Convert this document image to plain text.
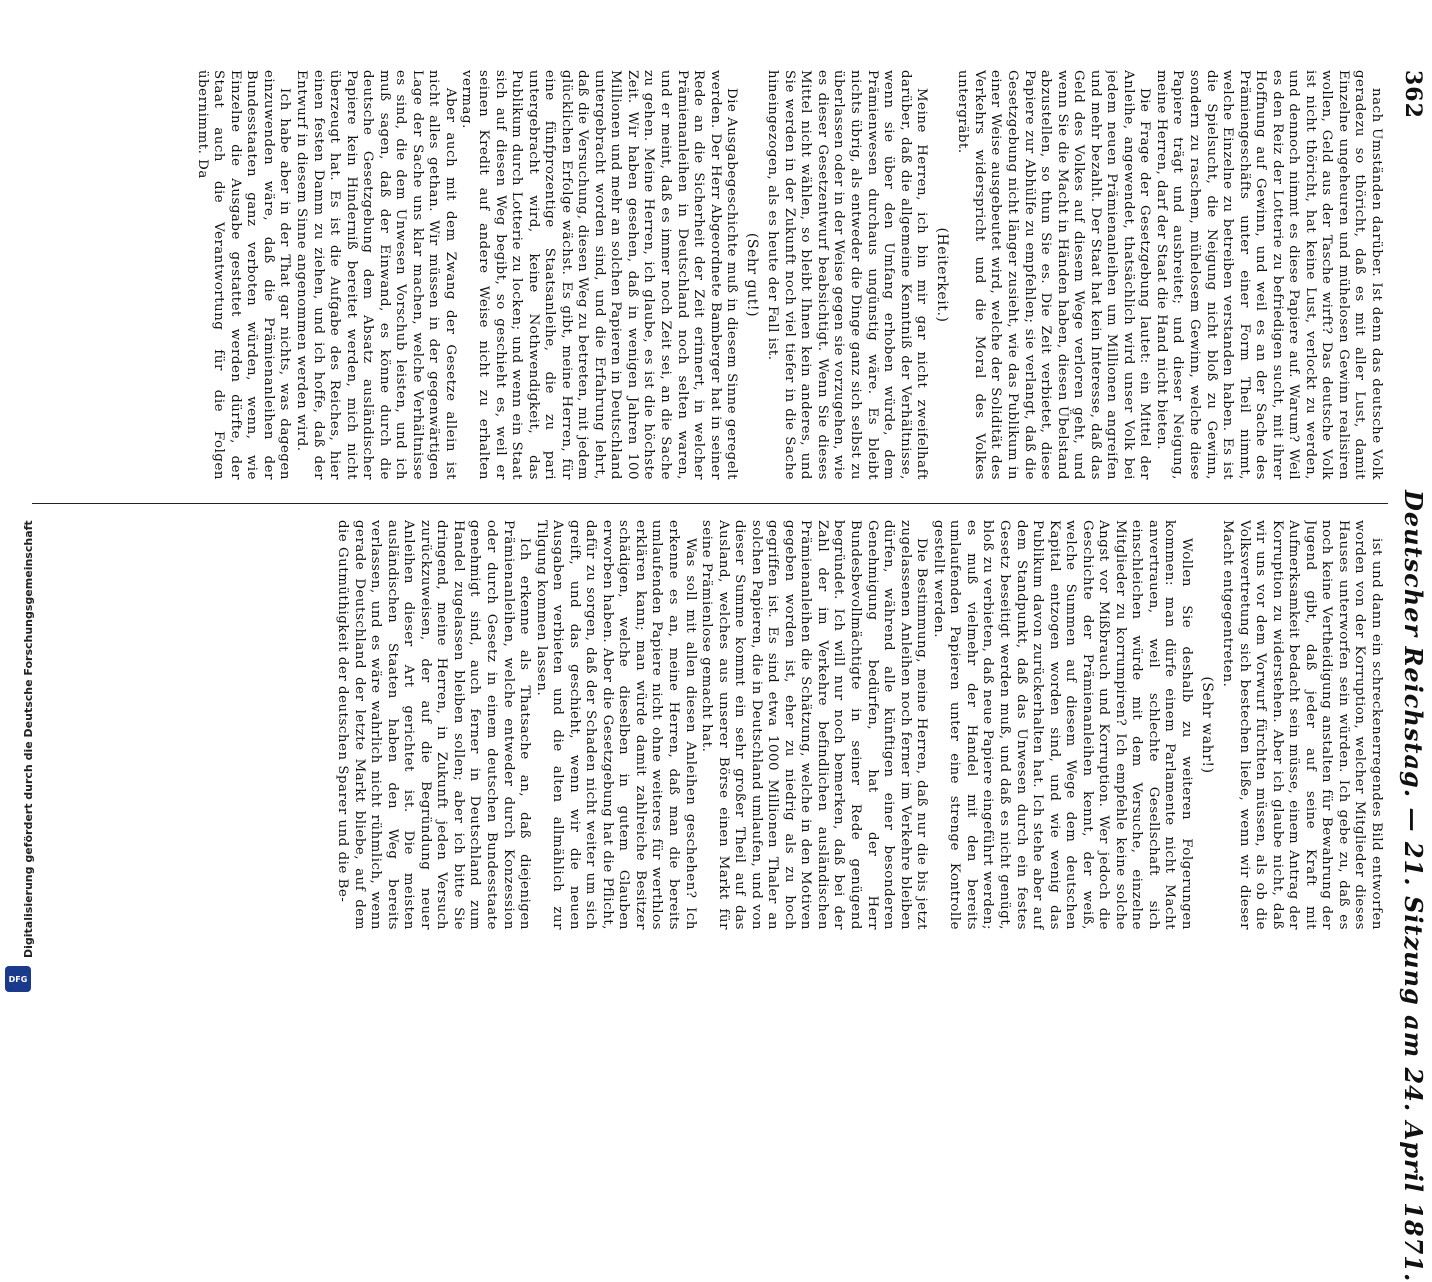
362
Deutscher Reichstag. — 21. Sitzung am 24. April 1871.

nach Umständen darüber. Ist denn das deutsche Volk geradezu so thöricht, daß es mit aller Lust, damit Einzelne ungeheuren und mühelosen Gewinn realisiren wollen, Geld aus der Tasche wirft? Das deutsche Volk ist nicht thöricht, hat keine Lust, verlockt zu werden, und dennoch nimmt es diese Papiere auf. Warum? Weil es den Reiz der Lotterie zu befriedigen sucht, mit ihrer Hoffnung auf Gewinn, und weil es an der Sache des Prämiengeschäfts unter einer Form Theil nimmt, welche Einzelne zu betreiben verstanden haben. Es ist die Spielsucht, die Neigung nicht bloß zu Gewinn, sondern zu raschem, mühelosem Gewinn, welche diese Papiere trägt und ausbreitet; und dieser Neigung, meine Herren, darf der Staat die Hand nicht bieten.

Die Frage der Gesetzgebung lautet: ein Mittel der Anleihe, angewendet, thatsächlich wird unser Volk bei jedem neuen Prämienanleihen um Millionen angreifen und mehr bezahlt. Der Staat hat kein Interesse, daß das Geld des Volkes auf diesem Wege verloren geht, und wenn Sie die Macht in Händen haben, diesen Übelstand abzustellen, so thun Sie es. Die Zeit verbietet, diese Papiere zur Abhülfe zu empfehlen; sie verlangt, daß die Gesetzgebung nicht länger zusieht, wie das Publikum in einer Weise ausgebeutet wird, welche der Solidität des Verkehrs widerspricht und die Moral des Volkes untergräbt.

(Heiterkeit.)

Meine Herren, ich bin mir gar nicht zweifelhaft darüber, daß die allgemeine Kenntniß der Verhältnisse, wenn sie über den Umfang erhoben würde, dem Prämienwesen durchaus ungünstig wäre. Es bleibt nichts übrig, als entweder die Dinge ganz sich selbst zu überlassen oder in der Weise gegen sie vorzugehen, wie es dieser Gesetzentwurf beabsichtigt. Wenn Sie dieses Mittel nicht wählen, so bleibt Ihnen kein anderes, und Sie werden in der Zukunft noch viel tiefer in die Sache hineingezogen, als es heute der Fall ist.

(Sehr gut!)

Die Ausgabegeschichte muß in diesem Sinne geregelt werden. Der Herr Abgeordnete Bamberger hat in seiner Rede an die Sicherheit der Zeit erinnert, in welcher Prämienanleihen in Deutschland noch selten waren, und er meint, daß es immer noch Zeit sei, an die Sache zu gehen. Meine Herren, ich glaube, es ist die höchste Zeit. Wir haben gesehen, daß in wenigen Jahren 100 Millionen und mehr an solchen Papieren in Deutschland untergebracht worden sind, und die Erfahrung lehrt, daß die Versuchung, diesen Weg zu betreten, mit jedem glücklichen Erfolge wächst. Es gibt, meine Herren, für eine fünfprozentige Staatsanleihe, die zu pari untergebracht wird, keine Nothwendigkeit, das Publikum durch Lotterie zu locken; und wenn ein Staat sich auf diesen Weg begibt, so geschieht es, weil er seinen Kredit auf andere Weise nicht zu erhalten vermag.

Aber auch mit dem Zwang der Gesetze allein ist nicht alles gethan. Wir müssen in der gegenwärtigen Lage der Sache uns klar machen, welche Verhältnisse es sind, die dem Unwesen Vorschub leisten, und ich muß sagen, daß der Einwand, es könne durch die deutsche Gesetzgebung dem Absatz ausländischer Papiere kein Hinderniß bereitet werden, mich nicht überzeugt hat. Es ist die Aufgabe des Reiches, hier einen festen Damm zu ziehen, und ich hoffe, daß der Entwurf in diesem Sinne angenommen werden wird.

Ich habe aber in der That gar nichts, was dagegen einzuwenden wäre, daß die Prämienanleihen der Bundesstaaten ganz verboten würden, wenn, wie Einzelne die Ausgabe gestattet werden dürfte, der Staat auch die Verantwortung für die Folgen übernimmt. Da

ist und dann ein schreckenerregendes Bild entworfen worden von der Korruption, welcher Mitglieder dieses Hauses unterworfen sein würden. Ich gebe zu, daß es noch keine Vertheidigung anstalten für Bewahrung der Jugend gibt, daß jeder auf seine Kraft mit Aufmerksamkeit bedacht sein müsse, einem Antrag der Korruption zu widerstehen. Aber ich glaube nicht, daß wir uns vor dem Vorwurf fürchten müssen, als ob die Volksvertretung sich bestechen ließe, wenn wir dieser Macht entgegentreten.

(Sehr wahr!)

Wollen Sie deshalb zu weiteren Folgerungen kommen: man dürfe einem Parlamente nicht Macht anvertrauen, weil schlechte Gesellschaft sich einschleichen würde mit dem Versuche, einzelne Mitglieder zu korrumpiren? Ich empfehle keine solche Angst vor Mißbrauch und Korruption. Wer jedoch die Geschichte der Prämienanleihen kennt, der weiß, welche Summen auf diesem Wege dem deutschen Kapital entzogen worden sind, und wie wenig das Publikum davon zurückerhalten hat. Ich stehe aber auf dem Standpunkt, daß das Unwesen durch ein festes Gesetz beseitigt werden muß, und daß es nicht genügt, bloß zu verbieten, daß neue Papiere eingeführt werden; es muß vielmehr der Handel mit den bereits umlaufenden Papieren unter eine strenge Kontrolle gestellt werden.

Die Bestimmung, meine Herren, daß nur die bis jetzt zugelassenen Anleihen noch ferner im Verkehre bleiben dürfen, während alle künftigen einer besonderen Genehmigung bedürfen, hat der Herr Bundesbevollmächtigte in seiner Rede genügend begründet. Ich will nur noch bemerken, daß bei der Zahl der im Verkehre befindlichen ausländischen Prämienanleihen die Schätzung, welche in den Motiven gegeben worden ist, eher zu niedrig als zu hoch gegriffen ist. Es sind etwa 1000 Millionen Thaler an solchen Papieren, die in Deutschland umlaufen, und von dieser Summe kommt ein sehr großer Theil auf das Ausland, welches aus unserer Börse einen Markt für seine Prämienlose gemacht hat.

Was soll mit allen diesen Anleihen geschehen? Ich erkenne es an, meine Herren, daß man die bereits umlaufenden Papiere nicht ohne weiteres für werthlos erklären kann; man würde damit zahlreiche Besitzer schädigen, welche dieselben in gutem Glauben erworben haben. Aber die Gesetzgebung hat die Pflicht, dafür zu sorgen, daß der Schaden nicht weiter um sich greift, und das geschieht, wenn wir die neuen Ausgaben verbieten und die alten allmählich zur Tilgung kommen lassen.

Ich erkenne als Thatsache an, daß diejenigen Prämienanleihen, welche entweder durch Konzession oder durch Gesetz in einem deutschen Bundesstaate genehmigt sind, auch ferner in Deutschland zum Handel zugelassen bleiben sollen; aber ich bitte Sie dringend, meine Herren, in Zukunft jeden Versuch zurückzuweisen, der auf die Begründung neuer Anleihen dieser Art gerichtet ist. Die meisten ausländischen Staaten haben den Weg bereits verlassen, und es wäre wahrlich nicht rühmlich, wenn gerade Deutschland der letzte Markt bliebe, auf dem die Gutmüthigkeit der deutschen Sparer und die Be-

Digitalisierung gefördert durch die Deutsche Forschungsgemeinschaft
DFG
